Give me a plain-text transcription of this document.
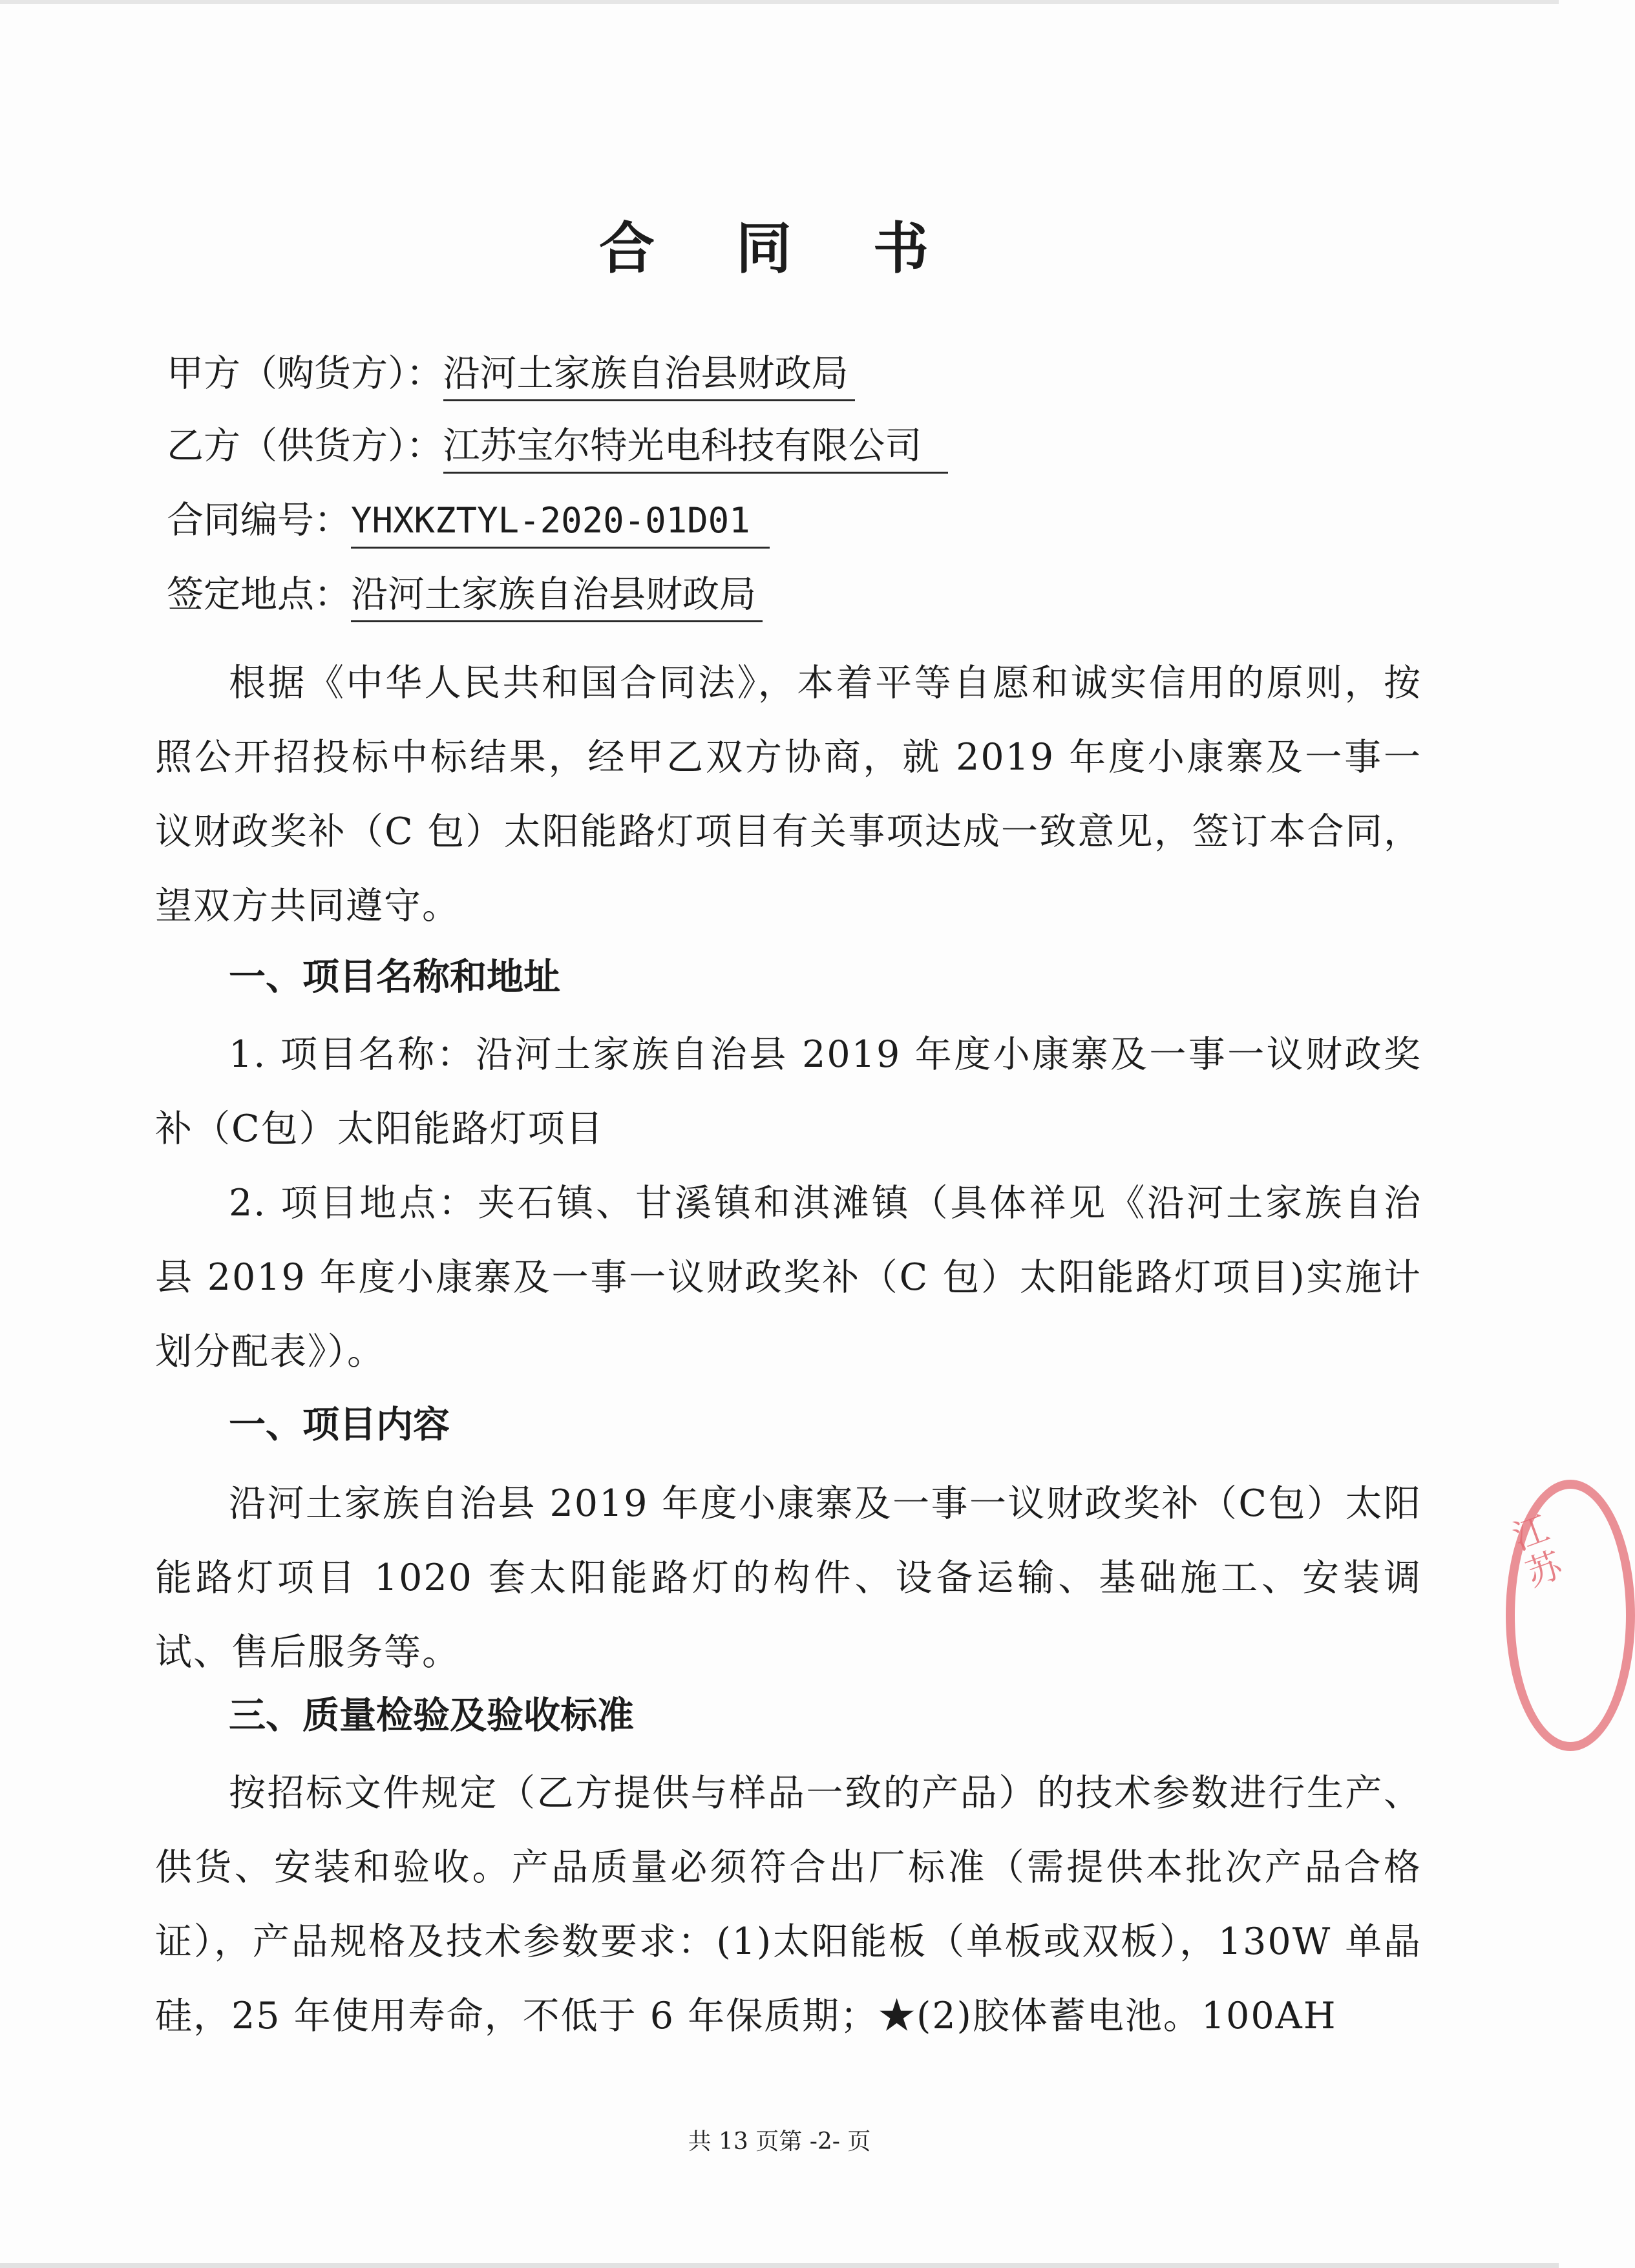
合 同 书
甲方（购货方）：沿河土家族自治县财政局
乙方（供货方）：江苏宝尔特光电科技有限公司
合同编号：YHXKZTYL-2020-01D01
签定地点：沿河土家族自治县财政局
根据《中华人民共和国合同法》，本着平等自愿和诚实信用的原则，按照公开招投标中标结果，经甲乙双方协商，就 2019 年度小康寨及一事一议财政奖补（C 包）太阳能路灯项目有关事项达成一致意见，签订本合同，望双方共同遵守。
一、项目名称和地址
1. 项目名称：沿河土家族自治县 2019 年度小康寨及一事一议财政奖补（C包）太阳能路灯项目
2. 项目地点：夹石镇、甘溪镇和淇滩镇（具体祥见《沿河土家族自治县 2019 年度小康寨及一事一议财政奖补（C 包）太阳能路灯项目)实施计划分配表》）。
一、项目内容
沿河土家族自治县 2019 年度小康寨及一事一议财政奖补（C包）太阳能路灯项目 1020 套太阳能路灯的构件、设备运输、基础施工、安装调试、售后服务等。
三、质量检验及验收标准
按招标文件规定（乙方提供与样品一致的产品）的技术参数进行生产、供货、安装和验收。产品质量必须符合出厂标准（需提供本批次产品合格证），产品规格及技术参数要求：(1)太阳能板（单板或双板），130W 单晶硅，25 年使用寿命，不低于 6 年保质期；★(2)胶体蓄电池。100AH
共 13 页第 -2- 页
江苏
